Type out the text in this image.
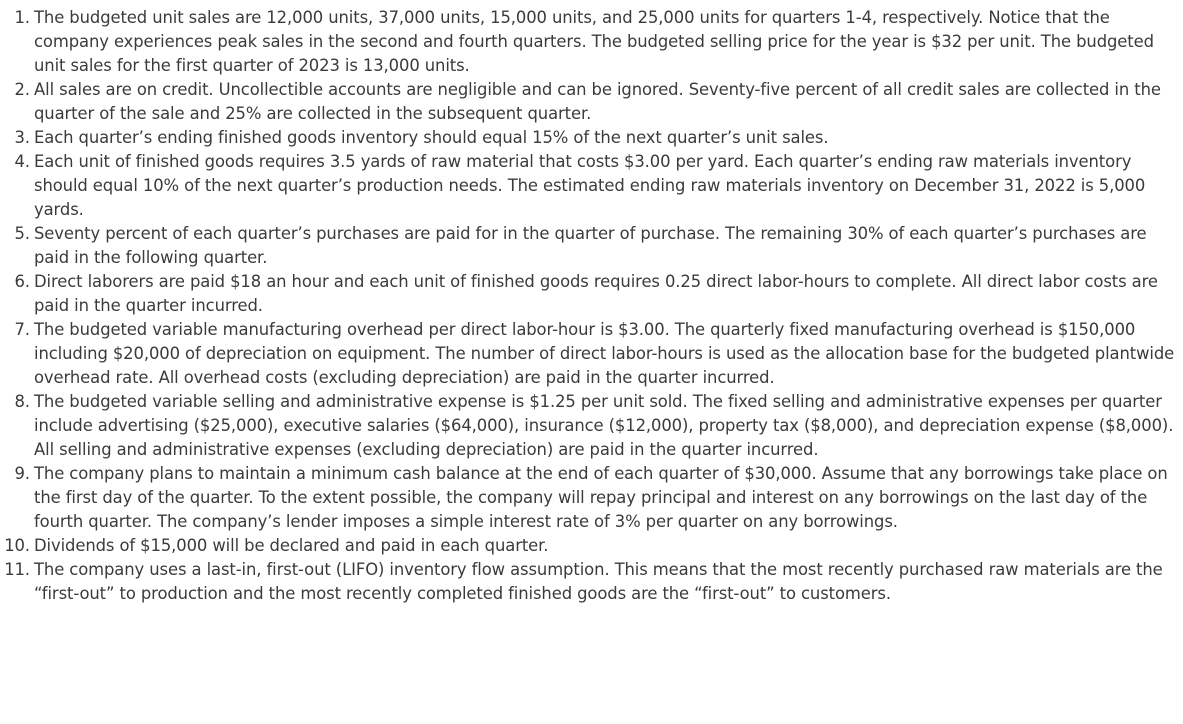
1 . The budgeted unit sales are 12,000 units, 37,000 units, 15,000 units, and 25,000 units for quarters 1-4, respectively. Notice that the company experiences peak sales in the second and fourth quarters. The budgeted selling price for the year is $32 per unit. The budgeted unit sales for the first quarter of 2023 is 13,000 units.
2 . All sales are on credit. Uncollectible accounts are negligible and can be ignored. Seventy-five percent of all credit sales are collected in the quarter of the sale and 25% are collected in the subsequent quarter.
3 . Each quarter’s ending finished goods inventory should equal 15% of the next quarter’s unit sales.
4 . Each unit of finished goods requires 3.5 yards of raw material that costs $3.00 per yard. Each quarter’s ending raw materials inventory should equal 10% of the next quarter’s production needs. The estimated ending raw materials inventory on December 31, 2022 is 5,000 yards.
5 . Seventy percent of each quarter’s purchases are paid for in the quarter of purchase. The remaining 30% of each quarter’s purchases are paid in the following quarter.
6 . Direct laborers are paid $18 an hour and each unit of finished goods requires 0.25 direct labor-hours to complete. All direct labor costs are paid in the quarter incurred.
7 . The budgeted variable manufacturing overhead per direct labor-hour is $3.00. The quarterly fixed manufacturing overhead is $150,000 including $20,000 of depreciation on equipment. The number of direct labor-hours is used as the allocation base for the budgeted plantwide overhead rate. All overhead costs (excluding depreciation) are paid in the quarter incurred.
8 . The budgeted variable selling and administrative expense is $1.25 per unit sold. The fixed selling and administrative expenses per quarter include advertising ($25,000), executive salaries ($64,000), insurance ($12,000), property tax ($8,000), and depreciation expense ($8,000). All selling and administrative expenses (excluding depreciation) are paid in the quarter incurred.
9 . The company plans to maintain a minimum cash balance at the end of each quarter of $30,000. Assume that any borrowings take place on the first day of the quarter. To the extent possible, the company will repay principal and interest on any borrowings on the last day of the fourth quarter. The company’s lender imposes a simple interest rate of 3% per quarter on any borrowings.
10 . Dividends of $15,000 will be declared and paid in each quarter.
11 . The company uses a last-in, first-out (LIFO) inventory flow assumption. This means that the most recently purchased raw materials are the “first-out” to production and the most recently completed finished goods are the “first-out” to customers.
